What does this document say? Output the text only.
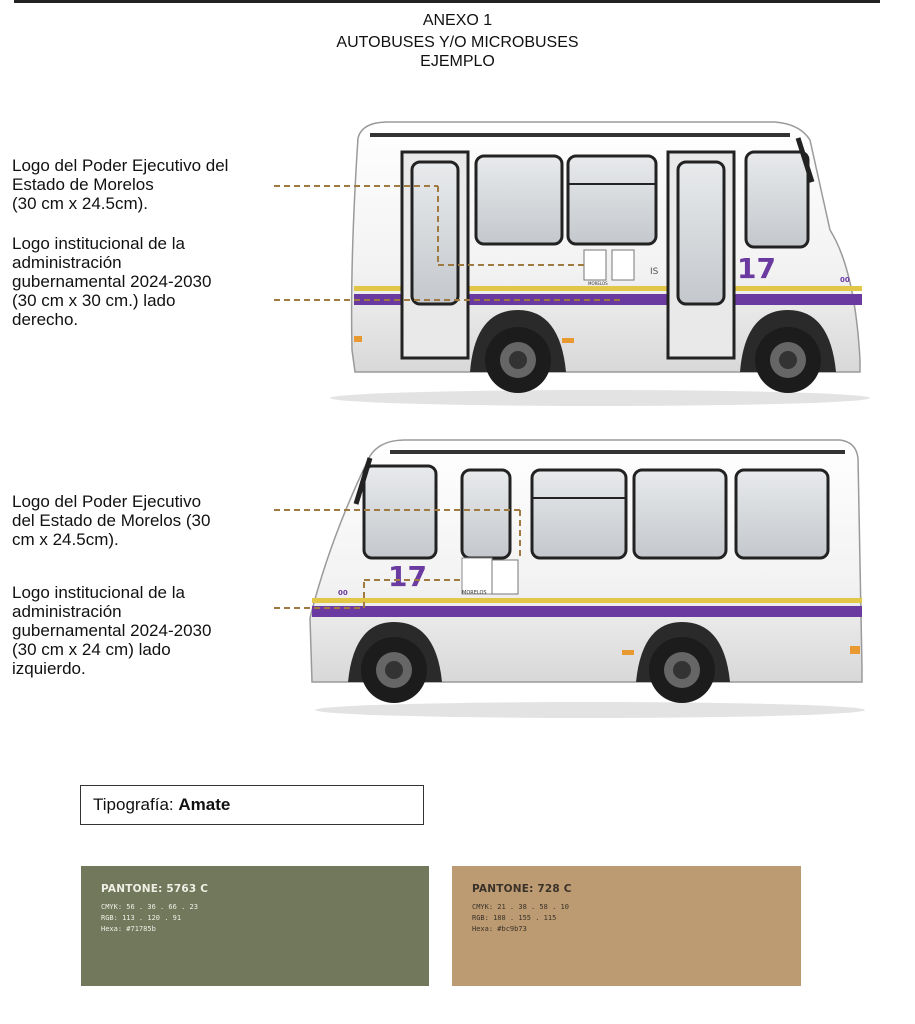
ANEXO 1
AUTOBUSES Y/O MICROBUSES
EJEMPLO

Logo del Poder Ejecutivo del

Estado de Morelos

(30 cm x 24.5cm).

Logo institucional de la

administración

gubernamental 2024-2030

(30 cm x 30 cm.) lado

derecho.

Logo del Poder Ejecutivo

del Estado de Morelos (30

cm x 24.5cm).

Logo institucional de la

administración

gubernamental 2024-2030

(30 cm x 24 cm) lado

izquierdo.

MORELOS
IS	17	00
MORELOS
17
00
Tipografía: Amate
PANTONE: 5763 C
CMYK: 56 . 36 . 66 . 23
RGB: 113 . 120 . 91
Hexa: #71785b
PANTONE: 728 C
CMYK: 21 . 38 . 58 . 10
RGB: 188 . 155 . 115
Hexa: #bc9b73
